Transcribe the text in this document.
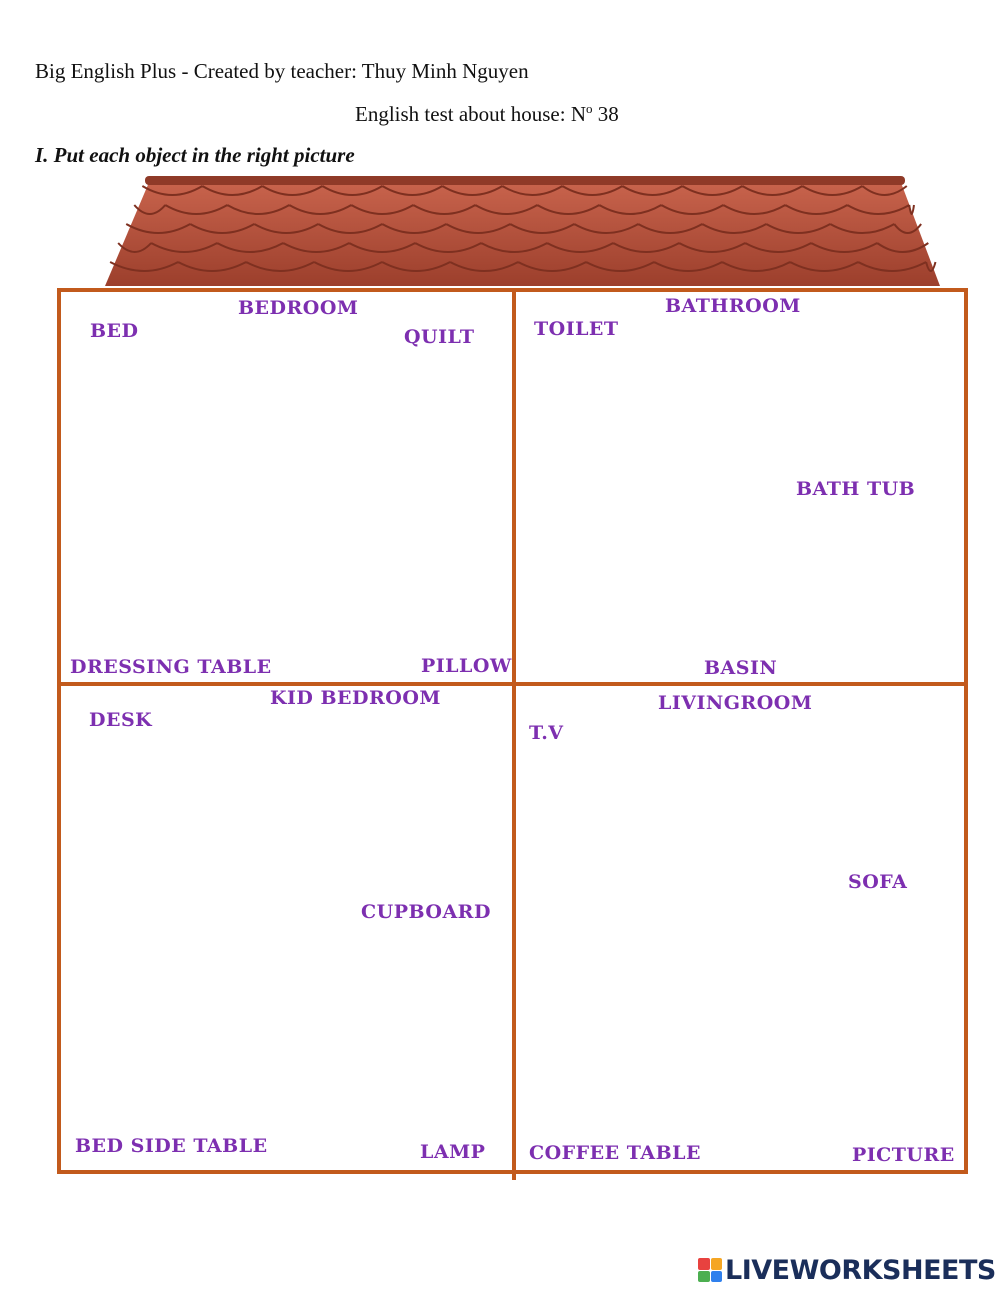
Big English Plus - Created by teacher: Thuy Minh Nguyen
English test about house: $N^o$ 38
I. Put each object in the right picture
BEDROOM
BED	QUILT
DRESSING TABLE	PILLOW
BATHROOM
TOILET
BATH TUB
BASIN
KID BEDROOM
DESK
CUPBOARD
BED SIDE TABLE	LAMP
LIVINGROOM
T.V
SOFA
COFFEE TABLE	PICTURE
LIVEWORKSHEETS
